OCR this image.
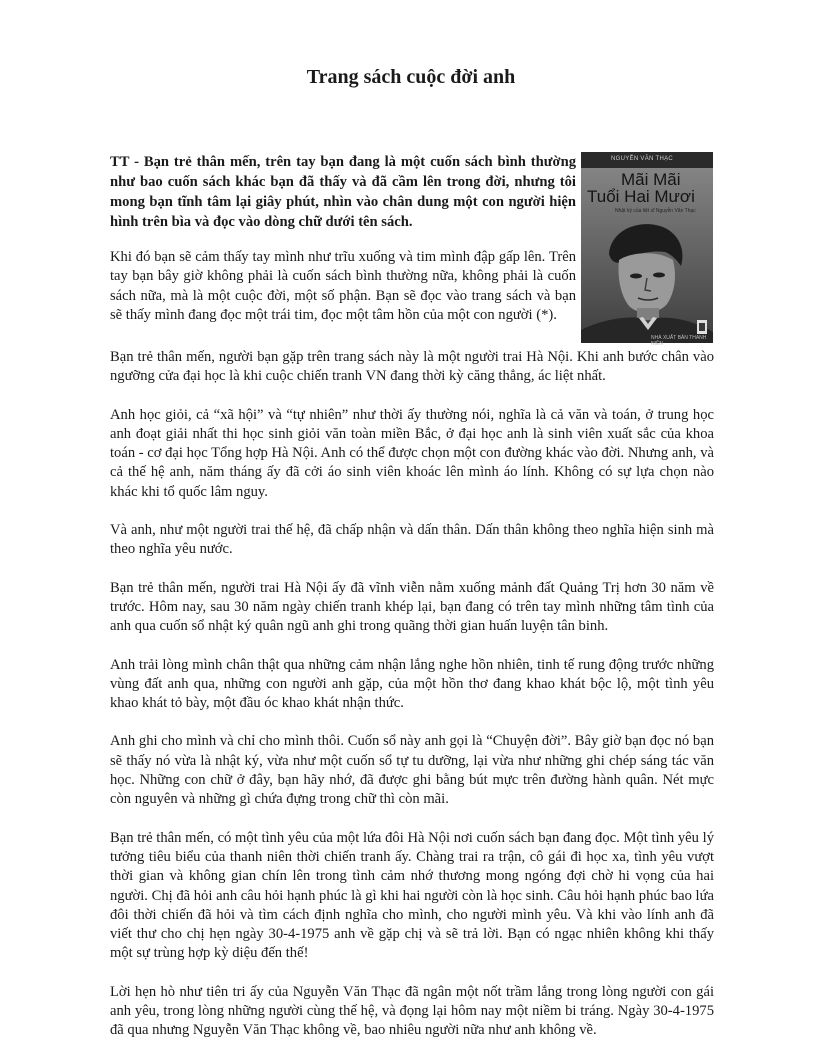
Trang sách cuộc đời anh

TT - Bạn trẻ thân mến, trên tay bạn đang là một cuốn sách bình thường như bao cuốn sách khác bạn đã thấy và đã cầm lên trong đời, nhưng tôi mong bạn tĩnh tâm lại giây phút, nhìn vào chân dung một con người hiện hình trên bìa và đọc vào dòng chữ dưới tên sách.

Khi đó bạn sẽ cảm thấy tay mình như trĩu xuống và tim mình đập gấp lên. Trên tay bạn bây giờ không phải là cuốn sách bình thường nữa, không phải là cuốn sách nữa, mà là một cuộc đời, một số phận. Bạn sẽ đọc vào trang sách và bạn sẽ thấy mình đang đọc một trái tim, đọc một tâm hồn của một con người (*).

NGUYỄN VĂN THẠC
Mãi Mãi
Tuổi Hai Mươi
Nhật ký của liệt sĩ Nguyễn Văn Thạc
NHÀ XUẤT BẢN THANH NIÊN

Bạn trẻ thân mến, người bạn gặp trên trang sách này là một người trai Hà Nội. Khi anh bước chân vào ngưỡng cửa đại học là khi cuộc chiến tranh VN đang thời kỳ căng thẳng, ác liệt nhất.

Anh học giỏi, cả “xã hội” và “tự nhiên” như thời ấy thường nói, nghĩa là cả văn và toán, ở trung học anh đoạt giải nhất thi học sinh giỏi văn toàn miền Bắc, ở đại học anh là sinh viên xuất sắc của khoa toán - cơ đại học Tổng hợp Hà Nội. Anh có thể được chọn một con đường khác vào đời. Nhưng anh, và cả thế hệ anh, năm tháng ấy đã cởi áo sinh viên khoác lên mình áo lính. Không có sự lựa chọn nào khác khi tổ quốc lâm nguy.

Và anh, như một người trai thế hệ, đã chấp nhận và dấn thân. Dấn thân không theo nghĩa hiện sinh mà theo nghĩa yêu nước.

Bạn trẻ thân mến, người trai Hà Nội ấy đã vĩnh viễn nằm xuống mảnh đất Quảng Trị hơn 30 năm về trước. Hôm nay, sau 30 năm ngày chiến tranh khép lại, bạn đang có trên tay mình những tâm tình của anh qua cuốn sổ nhật ký quân ngũ anh ghi trong quãng thời gian huấn luyện tân binh.

Anh trải lòng mình chân thật qua những cảm nhận lắng nghe hồn nhiên, tinh tế rung động trước những vùng đất anh qua, những con người anh gặp, của một hồn thơ đang khao khát bộc lộ, một tình yêu khao khát tỏ bày, một đầu óc khao khát nhận thức.

Anh ghi cho mình và chỉ cho mình thôi. Cuốn sổ này anh gọi là “Chuyện đời”. Bây giờ bạn đọc nó bạn sẽ thấy nó vừa là nhật ký, vừa như một cuốn sổ tự tu dưỡng, lại vừa như những ghi chép sáng tác văn học. Những con chữ ở đây, bạn hãy nhớ, đã được ghi bằng bút mực trên đường hành quân. Nét mực còn nguyên và những gì chứa đựng trong chữ thì còn mãi.

Bạn trẻ thân mến, có một tình yêu của một lứa đôi Hà Nội nơi cuốn sách bạn đang đọc. Một tình yêu lý tưởng tiêu biểu của thanh niên thời chiến tranh ấy. Chàng trai ra trận, cô gái đi học xa, tình yêu vượt thời gian và không gian chín lên trong tình cảm nhớ thương mong ngóng đợi chờ hi vọng của hai người. Chị đã hỏi anh câu hỏi hạnh phúc là gì khi hai người còn là học sinh. Câu hỏi hạnh phúc bao lứa đôi thời chiến đã hỏi và tìm cách định nghĩa cho mình, cho người mình yêu. Và khi vào lính anh đã viết thư cho chị hẹn ngày 30-4-1975 anh về gặp chị và sẽ trả lời. Bạn có ngạc nhiên không khi thấy một sự trùng hợp kỳ diệu đến thế!

Lời hẹn hò như tiên tri ấy của Nguyễn Văn Thạc đã ngân một nốt trầm lắng trong lòng người con gái anh yêu, trong lòng những người cùng thế hệ, và đọng lại hôm nay một niềm bi tráng. Ngày 30-4-1975 đã qua nhưng Nguyễn Văn Thạc không về, bao nhiêu người nữa như anh không về.
